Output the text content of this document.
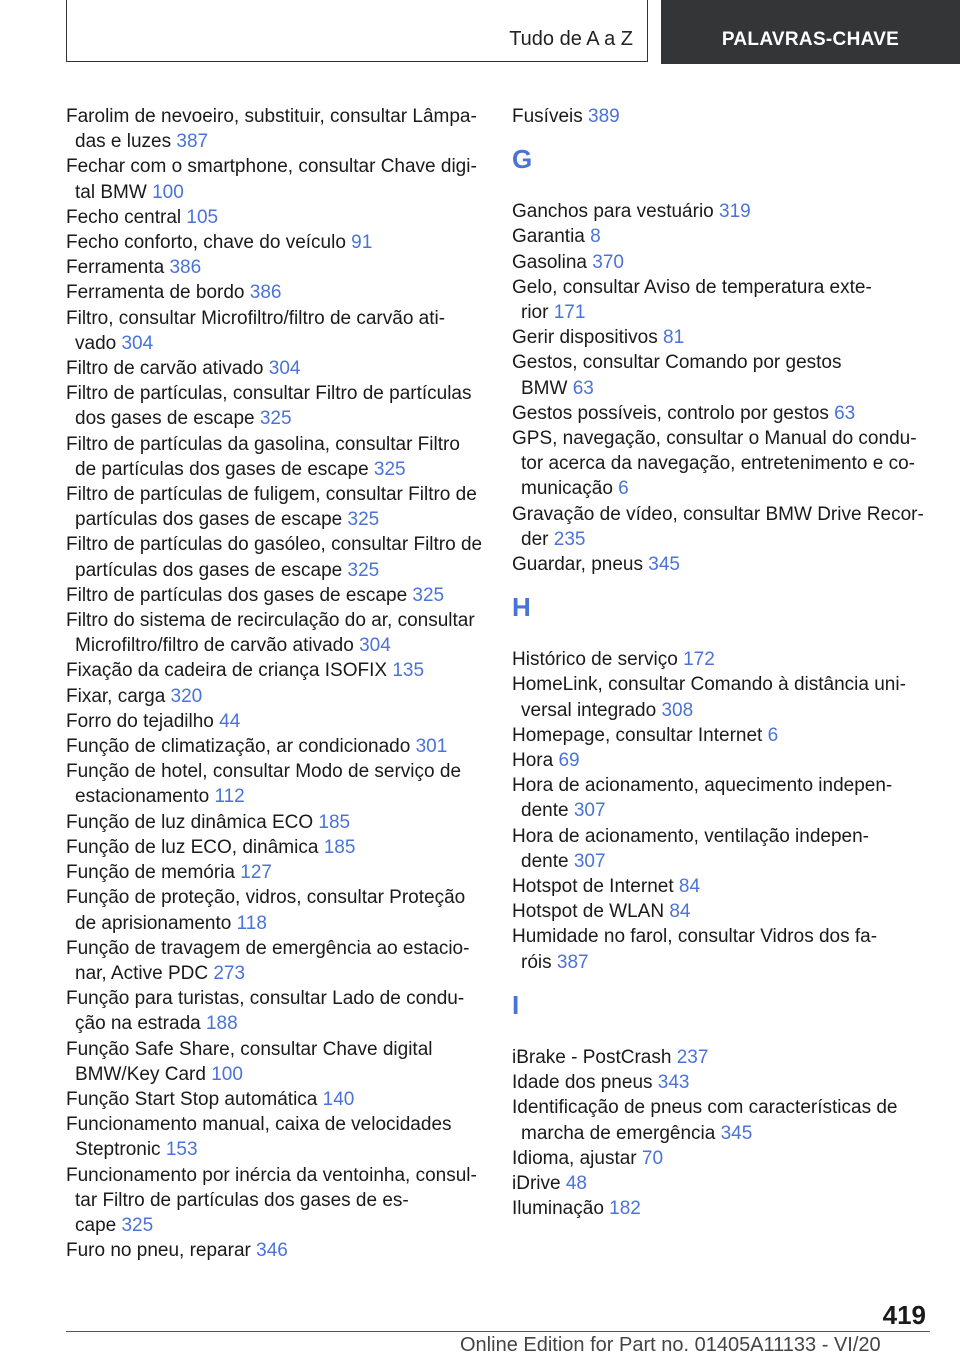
Tudo de A a Z	PALAVRAS-CHAVE
Farolim de nevoeiro, substituir, consultar Lâmpa-
das e luzes 387
Fechar com o smartphone, consultar Chave digi-
tal BMW 100
Fecho central 105
Fecho conforto, chave do veículo 91
Ferramenta 386
Ferramenta de bordo 386
Filtro, consultar Microfiltro/filtro de carvão ati-
vado 304
Filtro de carvão ativado 304
Filtro de partículas, consultar Filtro de partículas
dos gases de escape 325
Filtro de partículas da gasolina, consultar Filtro
de partículas dos gases de escape 325
Filtro de partículas de fuligem, consultar Filtro de
partículas dos gases de escape 325
Filtro de partículas do gasóleo, consultar Filtro de
partículas dos gases de escape 325
Filtro de partículas dos gases de escape 325
Filtro do sistema de recirculação do ar, consultar
Microfiltro/filtro de carvão ativado 304
Fixação da cadeira de criança ISOFIX 135
Fixar, carga 320
Forro do tejadilho 44
Função de climatização, ar condicionado 301
Função de hotel, consultar Modo de serviço de
estacionamento 112
Função de luz dinâmica ECO 185
Função de luz ECO, dinâmica 185
Função de memória 127
Função de proteção, vidros, consultar Proteção
de aprisionamento 118
Função de travagem de emergência ao estacio-
nar, Active PDC 273
Função para turistas, consultar Lado de condu-
ção na estrada 188
Função Safe Share, consultar Chave digital
BMW/Key Card 100
Função Start Stop automática 140
Funcionamento manual, caixa de velocidades
Steptronic 153
Funcionamento por inércia da ventoinha, consul-
tar Filtro de partículas dos gases de es-
cape 325
Furo no pneu, reparar 346
Fusíveis 389
G
Ganchos para vestuário 319
Garantia 8
Gasolina 370
Gelo, consultar Aviso de temperatura exte-
rior 171
Gerir dispositivos 81
Gestos, consultar Comando por gestos
BMW 63
Gestos possíveis, controlo por gestos 63
GPS, navegação, consultar o Manual do condu-
tor acerca da navegação, entretenimento e co-
municação 6
Gravação de vídeo, consultar BMW Drive Recor-
der 235
Guardar, pneus 345
H
Histórico de serviço 172
HomeLink, consultar Comando à distância uni-
versal integrado 308
Homepage, consultar Internet 6
Hora 69
Hora de acionamento, aquecimento indepen-
dente 307
Hora de acionamento, ventilação indepen-
dente 307
Hotspot de Internet 84
Hotspot de WLAN 84
Humidade no farol, consultar Vidros dos fa-
róis 387
I
iBrake - PostCrash 237
Idade dos pneus 343
Identificação de pneus com características de
marcha de emergência 345
Idioma, ajustar 70
iDrive 48
Iluminação 182
419
Online Edition for Part no. 01405A11133 - VI/20
